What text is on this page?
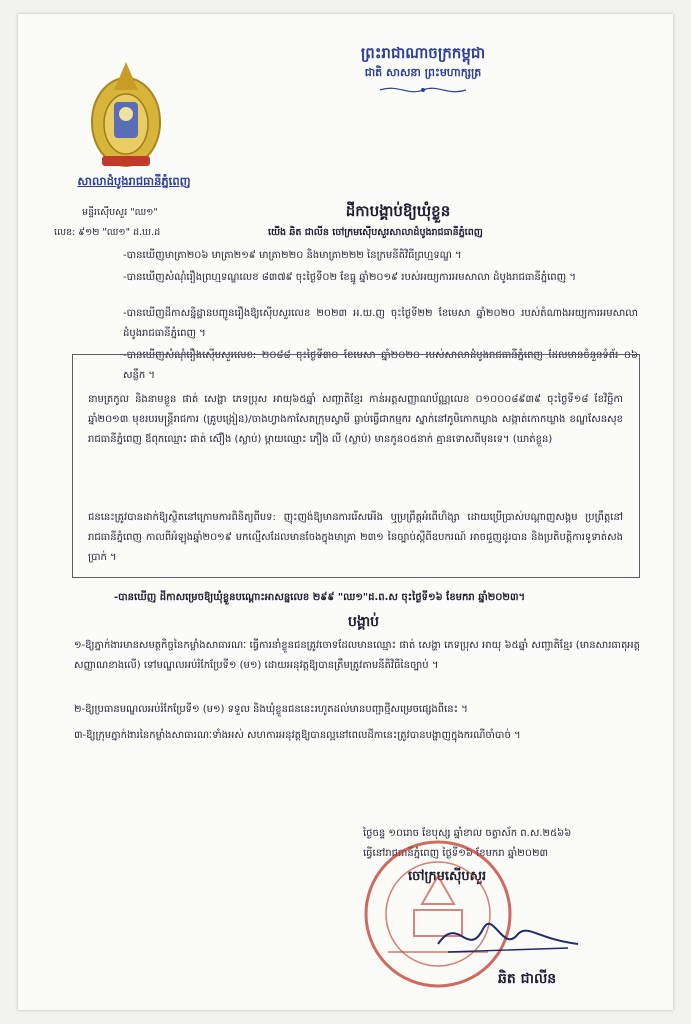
ព្រះរាជាណាចក្រកម្ពុជា
ជាតិ សាសនា ព្រះមហាក្សត្រ
សាលាដំបូងរាជធានីភ្នំពេញ
មន្ទីរស៊ើបសួរ "ឈ១"
លេខ: ៩១២ "ឈ១" ដ.ឃ.ដ
ដីកាបង្គាប់ឱ្យឃុំខ្លួន
យើង ឆិត ជាលីន ចៅក្រមស៊ើបសួរសាលាដំបូងរាជធានីភ្នំពេញ
-បានឃើញមាត្រា២០៦ មាត្រា២១៩ មាត្រា២២០ និងមាត្រា២២២ នៃក្រមនីតិវិធីព្រហ្មទណ្ឌ ។
-បានឃើញសំណុំរឿងព្រហ្មទណ្ឌលេខ ៨៣៧៩ ចុះថ្ងៃទី០២ ខែធ្នូ ឆ្នាំ២០១៩ របស់អយ្យការអមសាលា ដំបូងរាជធានីភ្នំពេញ ។
-បានឃើញដីកាសន្និដ្ឋានបញ្ជូនរឿងឱ្យស៊ើបសួរលេខ ២០២៣ អ.យ.ញ ចុះថ្ងៃទី២២ ខែមេសា ឆ្នាំ២០២០ របស់តំណាងអយ្យការអមសាលាដំបូងរាជធានីភ្នំពេញ ។
-បានឃើញសំណុំរឿងស៊ើបសួរលេខ: ២០៨៨ ចុះថ្ងៃទី៣០ ខែមេសា ឆ្នាំ២០២០ របស់សាលាដំបូងរាជធានីភ្នំពេញ ដែលមានចំនួនទំព័រ ០៦ សន្លឹក ។
នាមត្រកូល និងនាមខ្លួន ផាត់ សេង្ហា ភេទប្រុស អាយុ៦៥ឆ្នាំ សញ្ជាតិខ្មែរ កាន់អត្តសញ្ញាណប័ណ្ណលេខ ០១០០០៨៩៣៩ ចុះថ្ងៃទី១៨ ខែវិច្ឆិកា ឆ្នាំ២០១៣ មុខរបរមន្ត្រីរាជការ (គ្រូបង្រៀន)/ចាងហ្វាងកាសែតក្រុមស្វាមី ធ្លាប់ធ្វើជាកម្មករ ស្នាក់នៅភូមិកោកឃ្លាង សង្កាត់កោកឃ្លាង ខណ្ឌសែនសុខ រាជធានីភ្នំពេញ ឪពុកឈ្មោះ ផាត់ ស៊ឿង (ស្លាប់) ម្តាយឈ្មោះ ភឿង លី (ស្លាប់) មានកូន០៥នាក់ គ្មានទោសពីមុនទេ។ (ឃាត់ខ្លួន)
ជននេះត្រូវបានដាក់ឱ្យស្ថិតនៅក្រោមការពិនិត្យពីបទ: ញុះញង់ឱ្យមានការរើសអើង ឬប្រព្រឹត្តអំពើហិង្សា ដោយប្រើប្រាស់បណ្តាញសង្គម ប្រព្រឹត្តនៅរាជធានីភ្នំពេញ កាលពីអំឡុងឆ្នាំ២០១៩ មកល្មើសដែលមានចែងក្នុងមាត្រា ២៣១ នៃច្បាប់ស្តីពីឧបករណ៍ អាចជួញដូរបាន និងប្រតិបត្តិការទូទាត់សងប្រាក់ ។
-បានឃើញ ដីកាសម្រេចឱ្យឃុំខ្លួនបណ្តោះអាសន្នលេខ ២៩៩ "ឈ១"ដ.ព.ស ចុះថ្ងៃទី១៦ ខែមករា ឆ្នាំ២០២៣។
បង្គាប់
១-ឱ្យភ្នាក់ងារមានសមត្ថកិច្ចនៃកម្លាំងសាធារណៈ ធ្វើការនាំខ្លួនជនត្រូវចោទដែលមានឈ្មោះ ផាត់ សេង្ហា ភេទប្រុស អាយុ ៦៥ឆ្នាំ សញ្ជាតិខ្មែរ (មានសារធាតុអត្តសញ្ញាណខាងលើ) ទៅមណ្ឌលអប់រំកែប្រែទី១ (ម១) ដោយអនុវត្តឱ្យបានត្រឹមត្រូវតាមនីតិវិធីនៃច្បាប់ ។
២-ឱ្យប្រធានមណ្ឌលអប់រំកែប្រែទី១ (ម១) ទទួល និងឃុំខ្លួនជននេះរហូតដល់មានបញ្ជាថ្មីសម្រេចផ្សេងពីនេះ ។
៣-ឱ្យក្រុមភ្នាក់ងារនៃកម្លាំងសាធារណៈទាំងអស់ សហការអនុវត្តឱ្យបានល្អនៅពេលដីកានេះត្រូវបានបង្ហាញក្នុងករណីចាំបាច់ ។
ថ្ងៃចន្ទ ១០រោច ខែបុស្ស ឆ្នាំខាល ចត្វាស័ក ព.ស.២៥៦៦
ធ្វើនៅរាជធានីភ្នំពេញ ថ្ងៃទី១៦ ខែមករា ឆ្នាំ២០២៣
ចៅក្រមស៊ើបសួរ
ឆិត ជាលីន
